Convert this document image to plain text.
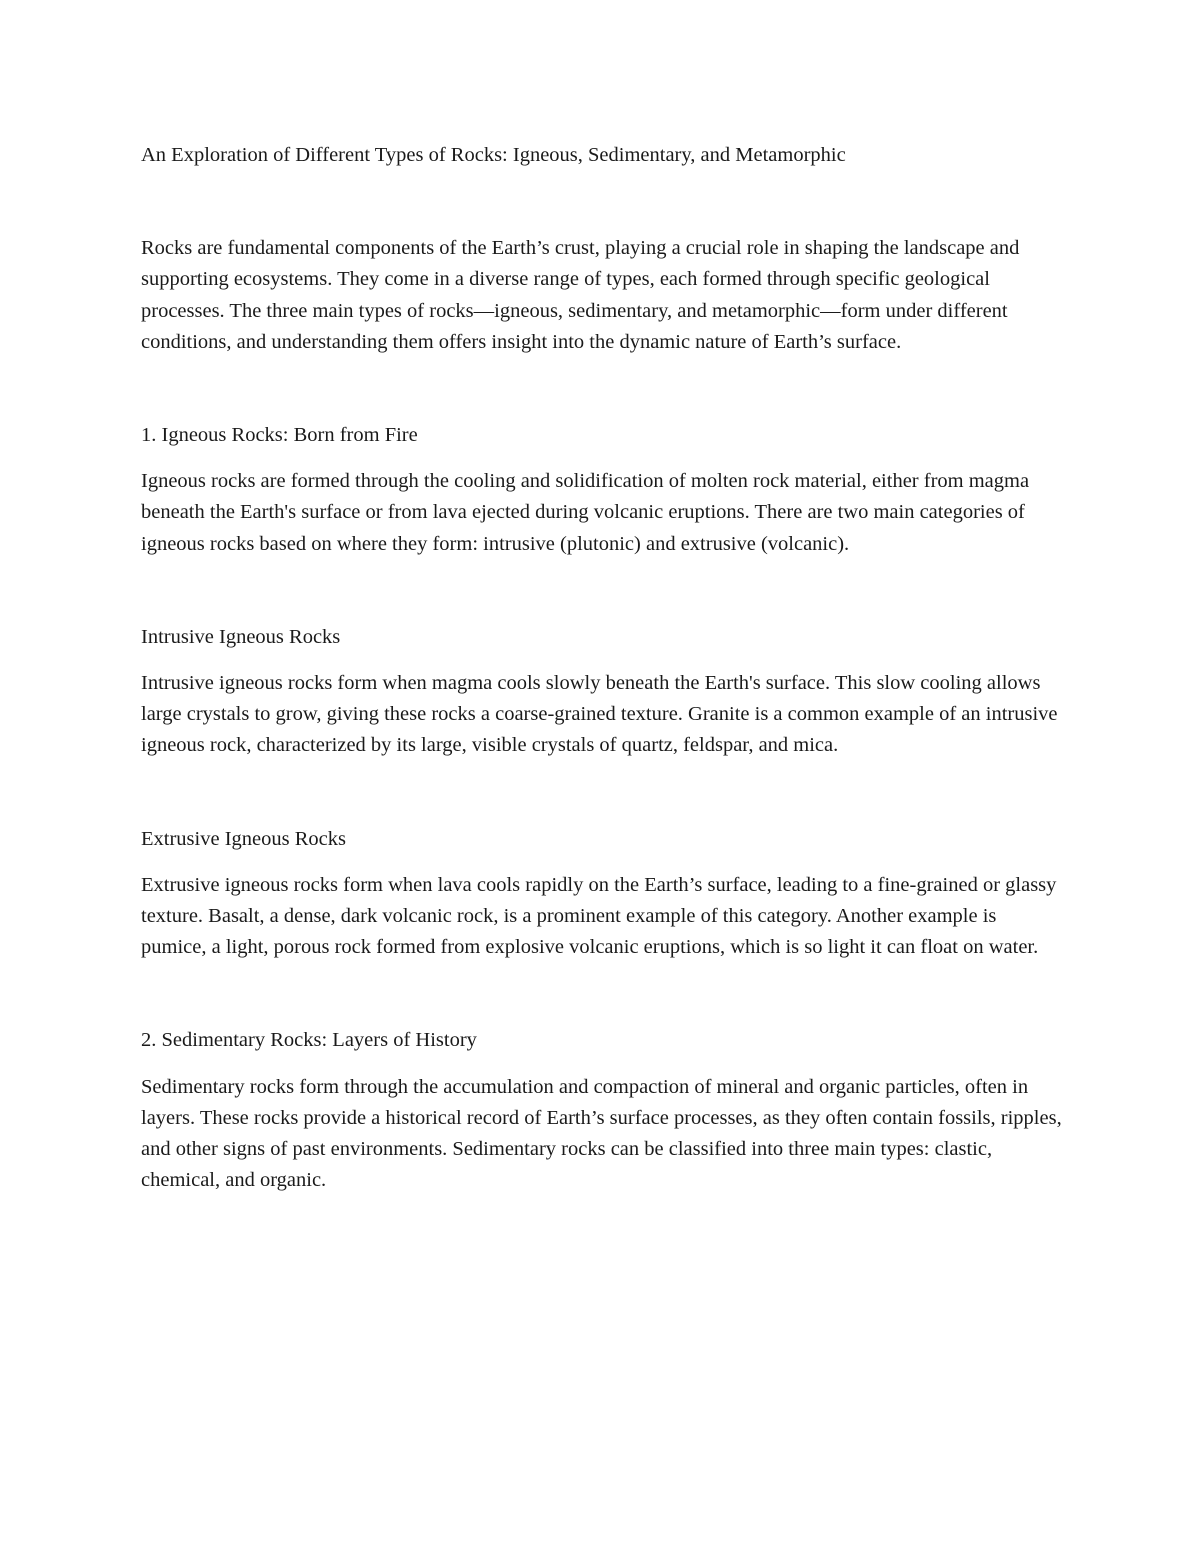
An Exploration of Different Types of Rocks: Igneous, Sedimentary, and Metamorphic

Rocks are fundamental components of the Earth’s crust, playing a crucial role in shaping the landscape and supporting ecosystems. They come in a diverse range of types, each formed through specific geological processes. The three main types of rocks—igneous, sedimentary, and metamorphic—form under different conditions, and understanding them offers insight into the dynamic nature of Earth’s surface.

1. Igneous Rocks: Born from Fire

Igneous rocks are formed through the cooling and solidification of molten rock material, either from magma beneath the Earth's surface or from lava ejected during volcanic eruptions. There are two main categories of igneous rocks based on where they form: intrusive (plutonic) and extrusive (volcanic).

Intrusive Igneous Rocks

Intrusive igneous rocks form when magma cools slowly beneath the Earth's surface. This slow cooling allows large crystals to grow, giving these rocks a coarse-grained texture. Granite is a common example of an intrusive igneous rock, characterized by its large, visible crystals of quartz, feldspar, and mica.

Extrusive Igneous Rocks

Extrusive igneous rocks form when lava cools rapidly on the Earth’s surface, leading to a fine-grained or glassy texture. Basalt, a dense, dark volcanic rock, is a prominent example of this category. Another example is pumice, a light, porous rock formed from explosive volcanic eruptions, which is so light it can float on water.

2. Sedimentary Rocks: Layers of History

Sedimentary rocks form through the accumulation and compaction of mineral and organic particles, often in layers. These rocks provide a historical record of Earth’s surface processes, as they often contain fossils, ripples, and other signs of past environments. Sedimentary rocks can be classified into three main types: clastic, chemical, and organic.
